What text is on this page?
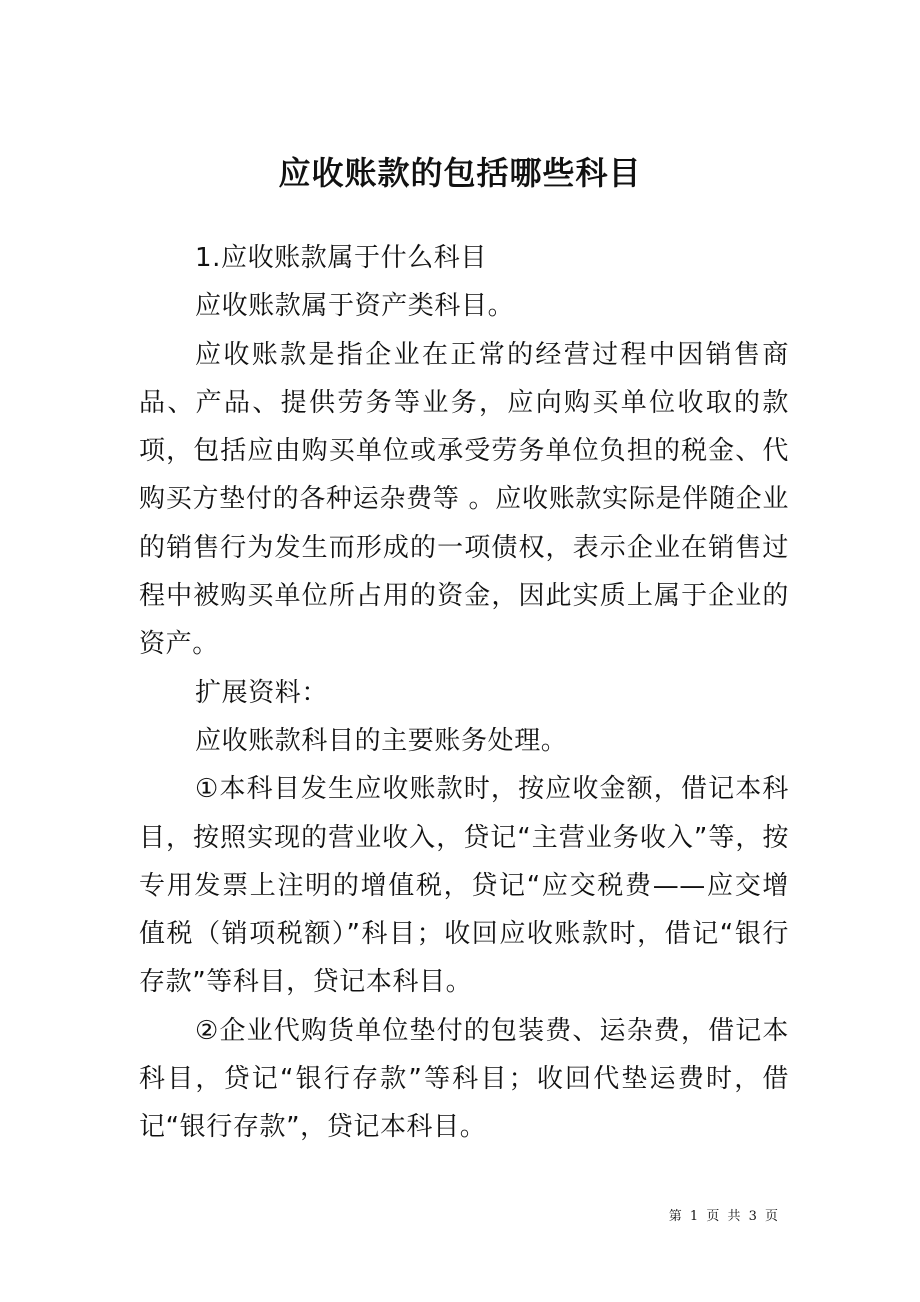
应收账款的包括哪些科目

1.应收账款属于什么科目

应收账款属于资产类科目。

应收账款是指企业在正常的经营过程中因销售商品、产品、提供劳务等业务，应向购买单位收取的款项，包括应由购买单位或承受劳务单位负担的税金、代购买方垫付的各种运杂费等 。应收账款实际是伴随企业的销售行为发生而形成的一项债权，表示企业在销售过程中被购买单位所占用的资金，因此实质上属于企业的资产。

扩展资料：

应收账款科目的主要账务处理。

①本科目发生应收账款时，按应收金额，借记本科目，按照实现的营业收入，贷记“主营业务收入”等，按专用发票上注明的增值税，贷记“应交税费——应交增值税（销项税额）”科目；收回应收账款时，借记“银行存款”等科目，贷记本科目。

②企业代购货单位垫付的包装费、运杂费，借记本科目，贷记“银行存款”等科目；收回代垫运费时，借记“银行存款”，贷记本科目。

第 1 页 共 3 页
